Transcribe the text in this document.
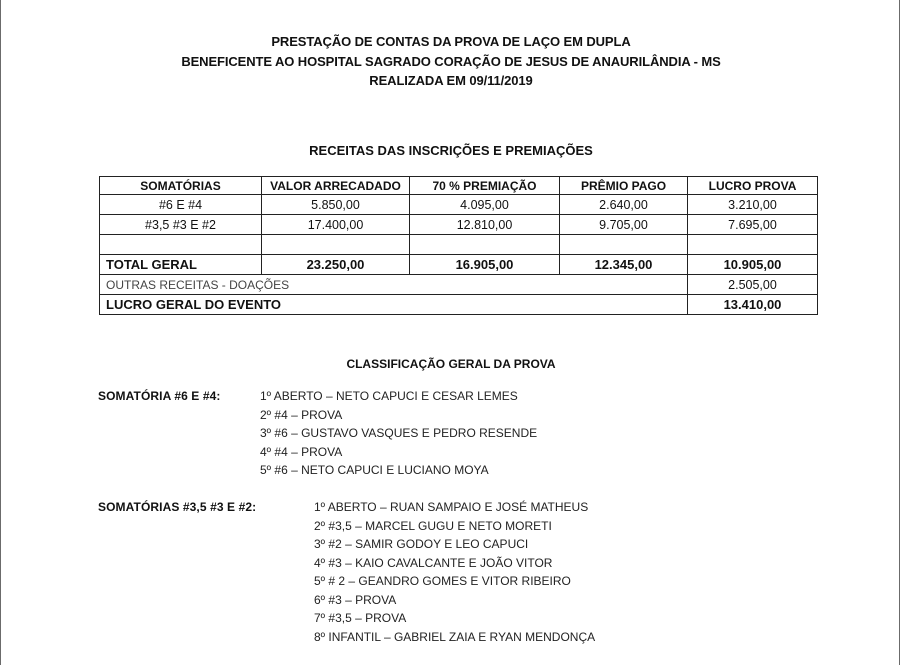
PRESTAÇÃO DE CONTAS DA PROVA DE LAÇO EM DUPLA
BENEFICENTE AO HOSPITAL SAGRADO CORAÇÃO DE JESUS DE ANAURILÂNDIA - MS
REALIZADA EM 09/11/2019
RECEITAS DAS INSCRIÇÕES E PREMIAÇÕES
SOMATÓRIAS	VALOR ARRECADADO	70 % PREMIAÇÃO	PRÊMIO PAGO	LUCRO PROVA
#6 E #4	5.850,00	4.095,00	2.640,00	3.210,00
#3,5 #3 E #2	17.400,00	12.810,00	9.705,00	7.695,00

TOTAL GERAL	23.250,00	16.905,00	12.345,00	10.905,00
OUTRAS RECEITAS - DOAÇÕES				2.505,00
LUCRO GERAL DO EVENTO				13.410,00
CLASSIFICAÇÃO GERAL DA PROVA
SOMATÓRIA #6 E #4:	1º ABERTO – NETO CAPUCI E CESAR LEMES
2º #4 – PROVA
3º #6 – GUSTAVO VASQUES E PEDRO RESENDE
4º #4 – PROVA
5º #6 – NETO CAPUCI E LUCIANO MOYA
SOMATÓRIAS #3,5 #3 E #2:	1º ABERTO – RUAN SAMPAIO E JOSÉ MATHEUS
2º #3,5 – MARCEL GUGU E NETO MORETI
3º #2 – SAMIR GODOY E LEO CAPUCI
4º #3 – KAIO CAVALCANTE E JOÃO VITOR
5º # 2 – GEANDRO GOMES E VITOR RIBEIRO
6º #3 – PROVA
7º #3,5 – PROVA
8º INFANTIL – GABRIEL ZAIA E RYAN MENDONÇA
